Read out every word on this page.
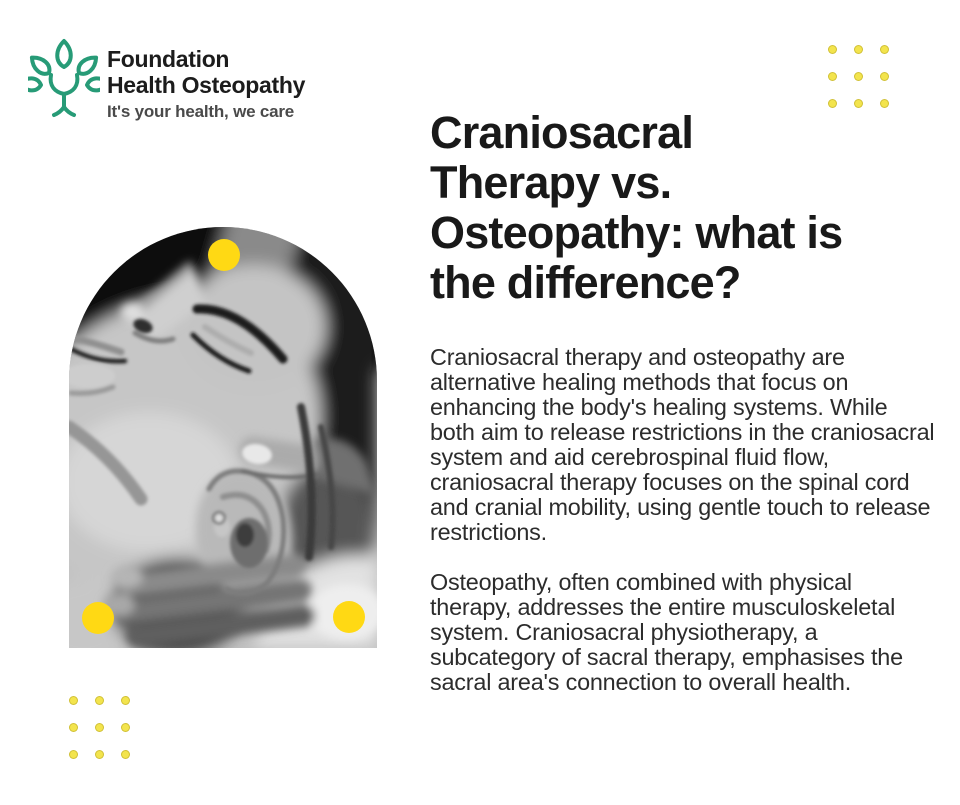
Foundation
Health Osteopathy
It's your health, we care	Craniosacral
Therapy vs.
Osteopathy: what is
the difference?

Craniosacral therapy and osteopathy are alternative healing methods that focus on enhancing the body's healing systems. While both aim to release restrictions in the craniosacral system and aid cerebrospinal fluid flow, craniosacral therapy focuses on the spinal cord and cranial mobility, using gentle touch to release restrictions.

Osteopathy, often combined with physical therapy, addresses the entire musculoskeletal system. Craniosacral physiotherapy, a subcategory of sacral therapy, emphasises the sacral area's connection to overall health.
